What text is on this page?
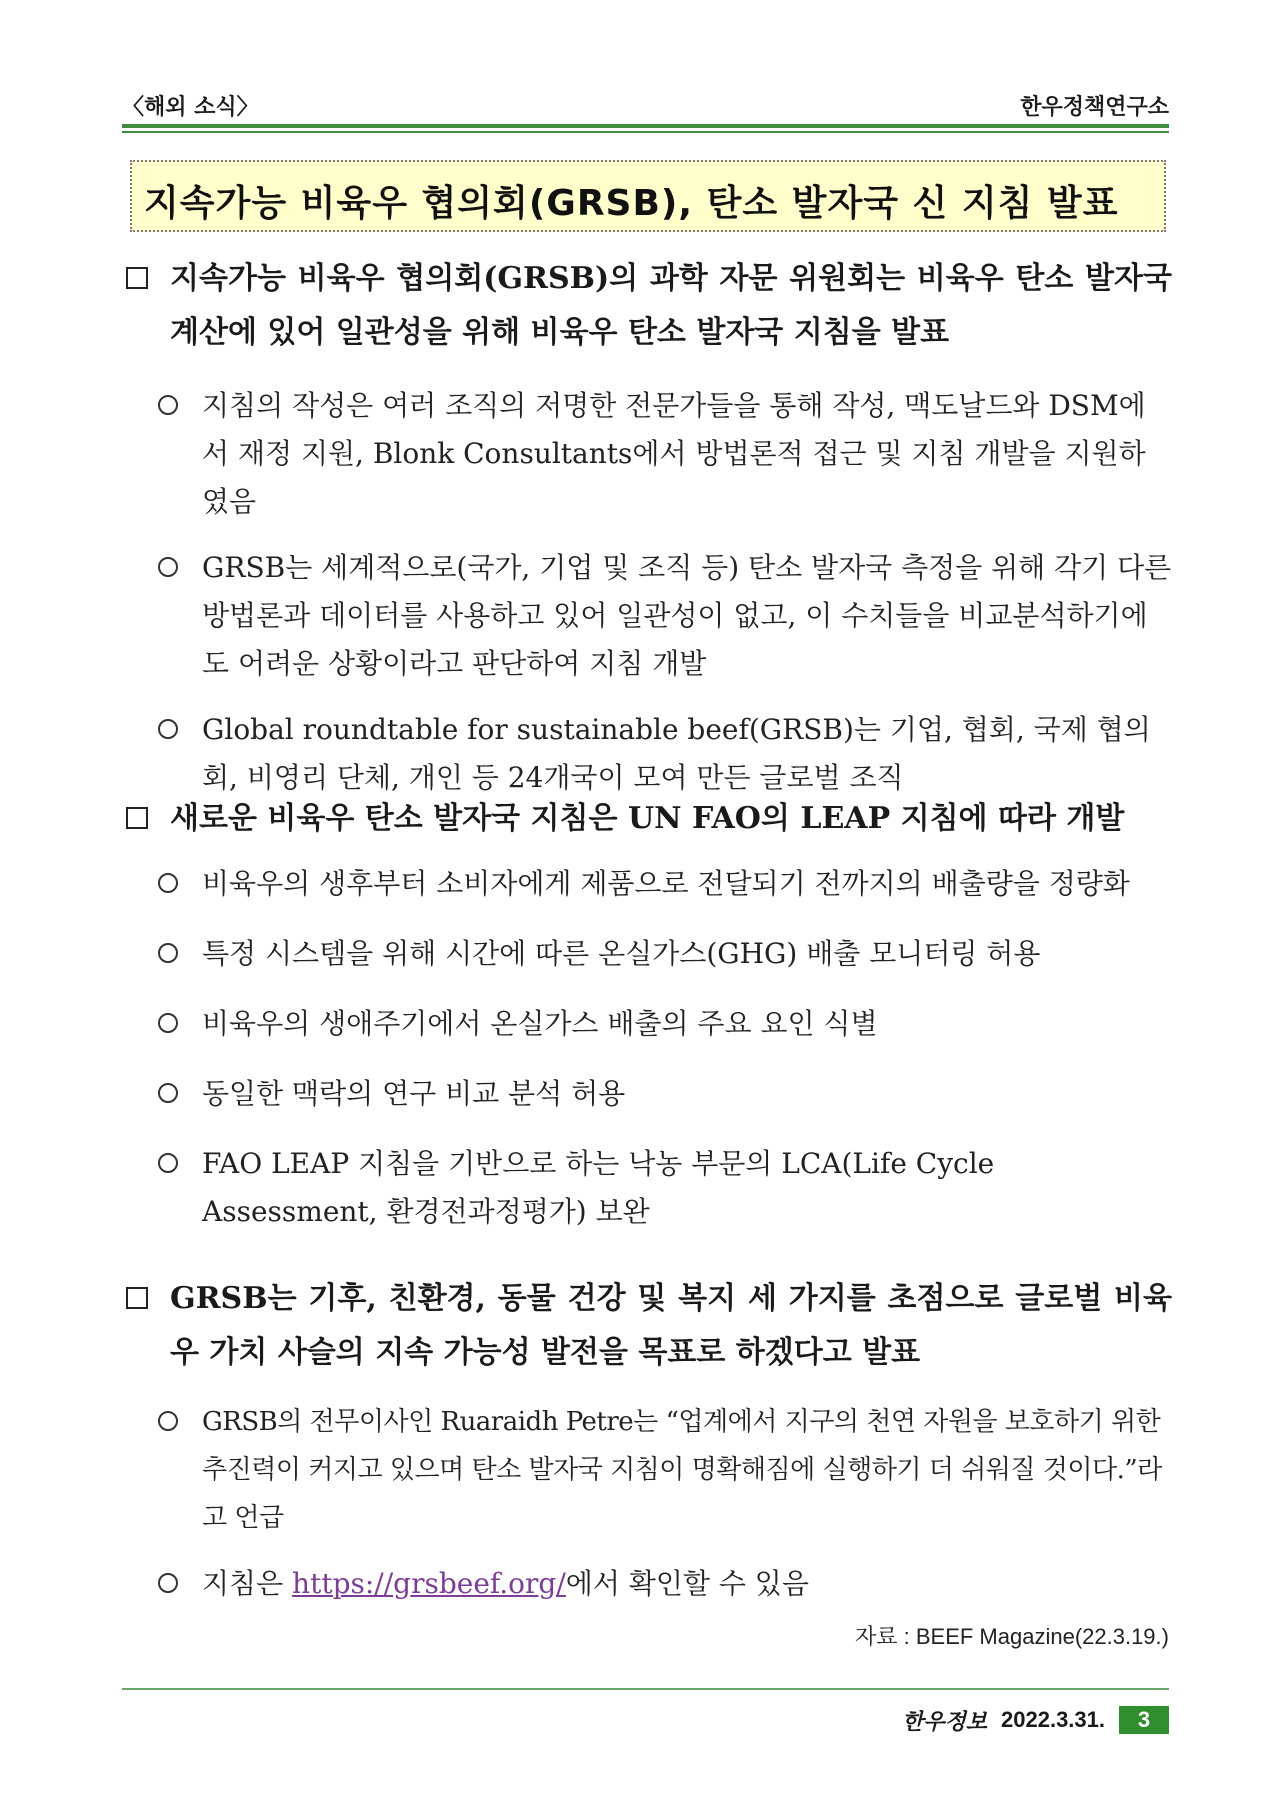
〈해외 소식〉	한우정책연구소
지속가능 비육우 협의회(GRSB), 탄소 발자국 신 지침 발표
지속가능 비육우 협의회(GRSB)의 과학 자문 위원회는 비육우 탄소 발자국 계산에 있어 일관성을 위해 비육우 탄소 발자국 지침을 발표
지침의 작성은 여러 조직의 저명한 전문가들을 통해 작성, 맥도날드와 DSM에서 재정 지원, Blonk Consultants에서 방법론적 접근 및 지침 개발을 지원하였음
GRSB는 세계적으로(국가, 기업 및 조직 등) 탄소 발자국 측정을 위해 각기 다른 방법론과 데이터를 사용하고 있어 일관성이 없고, 이 수치들을 비교분석하기에도 어려운 상황이라고 판단하여 지침 개발
Global roundtable for sustainable beef(GRSB)는 기업, 협회, 국제 협의회, 비영리 단체, 개인 등 24개국이 모여 만든 글로벌 조직
새로운 비육우 탄소 발자국 지침은 UN FAO의 LEAP 지침에 따라 개발
비육우의 생후부터 소비자에게 제품으로 전달되기 전까지의 배출량을 정량화
특정 시스템을 위해 시간에 따른 온실가스(GHG) 배출 모니터링 허용
비육우의 생애주기에서 온실가스 배출의 주요 요인 식별
동일한 맥락의 연구 비교 분석 허용
FAO LEAP 지침을 기반으로 하는 낙농 부문의 LCA(Life Cycle Assessment, 환경전과정평가) 보완
GRSB는 기후, 친환경, 동물 건강 및 복지 세 가지를 초점으로 글로벌 비육우 가치 사슬의 지속 가능성 발전을 목표로 하겠다고 발표
GRSB의 전무이사인 Ruaraidh Petre는 “업계에서 지구의 천연 자원을 보호하기 위한 추진력이 커지고 있으며 탄소 발자국 지침이 명확해짐에 실행하기 더 쉬워질 것이다.”라고 언급
지침은 https://grsbeef.org/에서 확인할 수 있음
자료 : BEEF Magazine(22.3.19.)
한우정보 2022.3.31.	3
